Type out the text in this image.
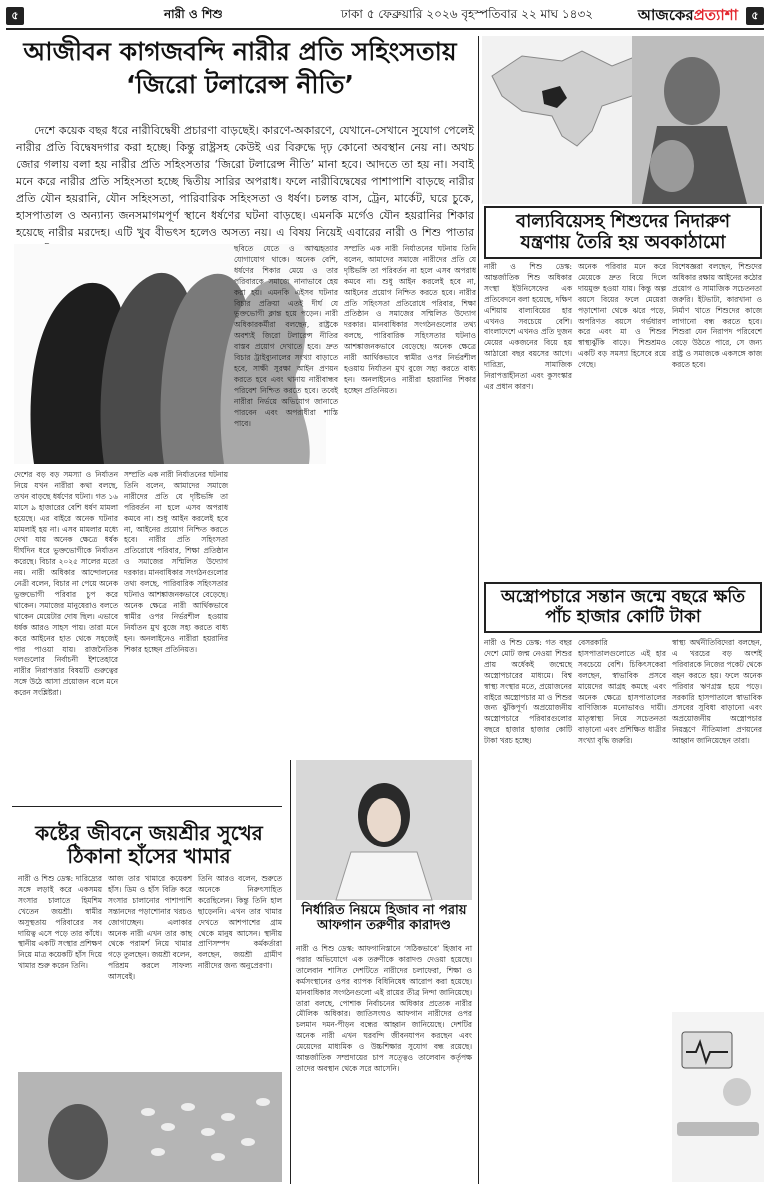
৫	নারী ও শিশু	ঢাকা ৫ ফেব্রুয়ারি ২০২৬ বৃহস্পতিবার ২২ মাঘ ১৪৩২	আজকেরপ্রত্যাশা	৫
আজীবন কাগজবন্দি নারীর প্রতি সহিংসতায়
‘জিরো টলারেন্স নীতি’
দেশে কয়েক বছর ধরে নারীবিদ্বেষী প্রচারণা বাড়ছেই। কারণে-অকারণে, যেখানে-সেখানে সুযোগ পেলেই নারীর প্রতি বিদ্বেষদগার করা হচ্ছে। কিন্তু রাষ্ট্রসহ কেউই এর বিরুদ্ধে দৃঢ় কোনো অবস্থান নেয় না। অথচ জোর গলায় বলা হয় নারীর প্রতি সহিংসতার ‘জিরো টলারেন্স নীতি’ মানা হবে। আদতে তা হয় না। সবাই মনে করে নারীর প্রতি সহিংসতা হচ্ছে দ্বিতীয় সারির অপরাধ। ফলে নারীবিদ্বেষের পাশাপাশি বাড়ছে নারীর প্রতি যৌন হয়রানি, যৌন সহিংসতা, পারিবারিক সহিংসতা ও ধর্ষণ। চলন্ত বাস, ট্রেন, মার্কেট, ঘরে চুকে, হাসপাতাল ও অন্যান্য জনসমাগমপূর্ণ স্থানে ধর্ষণের ঘটনা বাড়ছে। এমনকি মর্গেও যৌন হয়রানির শিকার হয়েছে নারীর মরদেহ। এটি খুব বীভৎস হলেও অসত্য নয়। এ বিষয় নিয়েই এবারের নারী ও শিশু পাতার
বাল্যবিয়েসহ শিশুদের নিদারুণ
যন্ত্রণায় তৈরি হয় অবকাঠামো
দেশের বড় বড় সমস্যা ও নির্যাতন নিয়ে যখন নারীরা কথা বলছে, তখন বাড়ছে ধর্ষণের ঘটনা। গত ১৬ মাসে ৯ হাজারের বেশি ধর্ষণ মামলা হয়েছে। এর বাইরে অনেক ঘটনার মামলাই হয় না। এসব মামলার মধ্যে দেখা যায় অনেক ক্ষেত্রে ধর্ষক দীর্ঘদিন ধরে ভুক্তভোগীকে নির্যাতন করেছে। বিচার ২০২৫ সালের মতো নয়। নারী অধিকার আন্দোলনের নেত্রী বলেন, বিচার না পেয়ে অনেক ভুক্তভোগী পরিবার চুপ করে থাকেন। সমাজের মানুষেরাও বলতে থাকেন মেয়েটার দোষ ছিল। এভাবে ধর্ষক আরও সাহস পায়। তারা মনে করে আইনের হাত থেকে সহজেই পার পাওয়া যায়। রাজনৈতিক দলগুলোর নির্বাচনী ইশতেহারে নারীর নিরাপত্তার বিষয়টি গুরুত্বের সঙ্গে উঠে আসা প্রয়োজন বলে মনে করেন সংশ্লিষ্টরা।
সম্প্রতি এক নারী নির্যাতনের ঘটনায় তিনি বলেন, আমাদের সমাজে নারীদের প্রতি যে দৃষ্টিভঙ্গি তা পরিবর্তন না হলে এসব অপরাধ কমবে না। শুধু আইন করলেই হবে না, আইনের প্রয়োগ নিশ্চিত করতে হবে। নারীর প্রতি সহিংসতা প্রতিরোধে পরিবার, শিক্ষা প্রতিষ্ঠান ও সমাজের সম্মিলিত উদ্যোগ দরকার। মানবাধিকার সংগঠনগুলোর তথ্য বলছে, পারিবারিক সহিংসতার ঘটনাও আশঙ্কাজনকভাবে বেড়েছে। অনেক ক্ষেত্রে নারী আর্থিকভাবে স্বামীর ওপর নির্ভরশীল হওয়ায় নির্যাতন মুখ বুজে সহ্য করতে বাধ্য হন। অনলাইনেও নারীরা হয়রানির শিকার হচ্ছেন প্রতিনিয়ত।
ছবিতে যেতে ও আত্মহত্যার যোগাযোগ থাকে। অনেক বেশি, ধর্ষণের শিকার মেয়ে ও তার পরিবারকে সমাজে নানাভাবে হেয় করা হয়। এমনকি এইসব ঘটনার বিচার প্রক্রিয়া এতই দীর্ঘ যে ভুক্তভোগী ক্লান্ত হয়ে পড়েন। নারী অধিকারকর্মীরা বলছেন, রাষ্ট্রকে অবশ্যই জিরো টলারেন্স নীতির বাস্তব প্রয়োগ দেখাতে হবে। দ্রুত বিচার ট্রাইব্যুনালের সংখ্যা বাড়াতে হবে, সাক্ষী সুরক্ষা আইন প্রণয়ন করতে হবে এবং থানায় নারীবান্ধব পরিবেশ নিশ্চিত করতে হবে। তবেই নারীরা নির্ভয়ে অভিযোগ জানাতে পারবেন এবং অপরাধীরা শাস্তি পাবে।
সম্প্রতি এক নারী নির্যাতনের ঘটনায় তিনি বলেন, আমাদের সমাজে নারীদের প্রতি যে দৃষ্টিভঙ্গি তা পরিবর্তন না হলে এসব অপরাধ কমবে না। শুধু আইন করলেই হবে না, আইনের প্রয়োগ নিশ্চিত করতে হবে। নারীর প্রতি সহিংসতা প্রতিরোধে পরিবার, শিক্ষা প্রতিষ্ঠান ও সমাজের সম্মিলিত উদ্যোগ দরকার। মানবাধিকার সংগঠনগুলোর তথ্য বলছে, পারিবারিক সহিংসতার ঘটনাও আশঙ্কাজনকভাবে বেড়েছে। অনেক ক্ষেত্রে নারী আর্থিকভাবে স্বামীর ওপর নির্ভরশীল হওয়ায় নির্যাতন মুখ বুজে সহ্য করতে বাধ্য হন। অনলাইনেও নারীরা হয়রানির শিকার হচ্ছেন প্রতিনিয়ত।
নারী ও শিশু ডেস্ক: আন্তর্জাতিক শিশু অধিকার সংস্থা ইউনিসেফের এক প্রতিবেদনে বলা হয়েছে, দক্ষিণ এশিয়ায় বাল্যবিয়ের হার এখনও সবচেয়ে বেশি। বাংলাদেশে এখনও প্রতি দুজন মেয়ের একজনের বিয়ে হয় আঠারো বছর বয়সের আগে। দারিদ্র্য, সামাজিক নিরাপত্তাহীনতা এবং কুসংস্কার এর প্রধান কারণ।
অনেক পরিবার মনে করে মেয়েকে দ্রুত বিয়ে দিলে দায়মুক্ত হওয়া যায়। কিন্তু অল্প বয়সে বিয়ের ফলে মেয়েরা পড়াশোনা থেকে ঝরে পড়ে, অপরিণত বয়সে গর্ভধারণ করে এবং মা ও শিশুর স্বাস্থ্যঝুঁকি বাড়ে। শিশুশ্রমও একটি বড় সমস্যা হিসেবে রয়ে গেছে।
বিশেষজ্ঞরা বলছেন, শিশুদের অধিকার রক্ষায় আইনের কঠোর প্রয়োগ ও সামাজিক সচেতনতা জরুরি। ইটভাটা, কারখানা ও নির্মাণ খাতে শিশুদের কাজে লাগানো বন্ধ করতে হবে। শিশুরা যেন নিরাপদ পরিবেশে বেড়ে উঠতে পারে, সে জন্য রাষ্ট্র ও সমাজকে একসঙ্গে কাজ করতে হবে।
অস্ত্রোপচারে সন্তান জন্মে বছরে ক্ষতি
পাঁচ হাজার কোটি টাকা
নারী ও শিশু ডেস্ক: গত বছর দেশে মোট জন্ম নেওয়া শিশুর প্রায় অর্ধেকই জন্মেছে অস্ত্রোপচারের মাধ্যমে। বিশ্ব স্বাস্থ্য সংস্থার মতে, প্রয়োজনের বাইরে অস্ত্রোপচার মা ও শিশুর জন্য ঝুঁকিপূর্ণ। অপ্রয়োজনীয় অস্ত্রোপচারে পরিবারগুলোর বছরে হাজার হাজার কোটি টাকা খরচ হচ্ছে।
বেসরকারি হাসপাতালগুলোতে এই হার সবচেয়ে বেশি। চিকিৎসকেরা বলছেন, স্বাভাবিক প্রসবে মায়েদের আগ্রহ কমছে এবং অনেক ক্ষেত্রে হাসপাতালের বাণিজ্যিক মনোভাবও দায়ী। মাতৃস্বাস্থ্য নিয়ে সচেতনতা বাড়ানো এবং প্রশিক্ষিত ধাত্রীর সংখ্যা বৃদ্ধি জরুরি।
স্বাস্থ্য অর্থনীতিবিদেরা বলছেন, এ খরচের বড় অংশই পরিবারকে নিজের পকেট থেকে বহন করতে হয়। ফলে অনেক পরিবার ঋণগ্রস্ত হয়ে পড়ে। সরকারি হাসপাতালে স্বাভাবিক প্রসবের সুবিধা বাড়ানো এবং অপ্রয়োজনীয় অস্ত্রোপচার নিয়ন্ত্রণে নীতিমালা প্রণয়নের আহ্বান জানিয়েছেন তারা।
কষ্টের জীবনে জয়শ্রীর সুখের
ঠিকানা হাঁসের খামার
নারী ও শিশু ডেস্ক: দারিদ্র্যের সঙ্গে লড়াই করে একসময় সংসার চালাতে হিমশিম খেতেন জয়শ্রী। স্বামীর অসুস্থতায় পরিবারের সব দায়িত্ব এসে পড়ে তার কাঁধে। স্থানীয় একটি সংস্থার প্রশিক্ষণ নিয়ে মাত্র কয়েকটি হাঁস দিয়ে খামার শুরু করেন তিনি।
আজ তার খামারে কয়েকশ হাঁস। ডিম ও হাঁস বিক্রি করে সংসার চালানোর পাশাপাশি সন্তানদের পড়াশোনার খরচও জোগাচ্ছেন। এলাকার অনেক নারী এখন তার কাছ থেকে পরামর্শ নিয়ে খামার গড়ে তুলছেন। জয়শ্রী বলেন, পরিশ্রম করলে সাফল্য আসবেই।
তিনি আরও বলেন, শুরুতে অনেকে নিরুৎসাহিত করেছিলেন। কিন্তু তিনি হাল ছাড়েননি। এখন তার খামার দেখতে আশপাশের গ্রাম থেকে মানুষ আসেন। স্থানীয় প্রাণিসম্পদ কর্মকর্তারা বলছেন, জয়শ্রী গ্রামীণ নারীদের জন্য অনুপ্রেরণা।
নির্ধারিত নিয়মে হিজাব না পরায়
আফগান তরুণীর কারাদণ্ড
নারী ও শিশু ডেস্ক: আফগানিস্তানে ‘সঠিকভাবে’ হিজাব না পরার অভিযোগে এক তরুণীকে কারাদণ্ড দেওয়া হয়েছে। তালেবান শাসিত দেশটিতে নারীদের চলাফেরা, শিক্ষা ও কর্মসংস্থানের ওপর ব্যাপক বিধিনিষেধ আরোপ করা হয়েছে। মানবাধিকার সংগঠনগুলো এই রায়ের তীব্র নিন্দা জানিয়েছে। তারা বলছে, পোশাক নির্বাচনের অধিকার প্রত্যেক নারীর মৌলিক অধিকার। জাতিসংঘও আফগান নারীদের ওপর চলমান দমন-পীড়ন বন্ধের আহ্বান জানিয়েছে। দেশটির অনেক নারী এখন ঘরবন্দি জীবনযাপন করছেন এবং মেয়েদের মাধ্যমিক ও উচ্চশিক্ষার সুযোগ বন্ধ রয়েছে। আন্তর্জাতিক সম্প্রদায়ের চাপ সত্ত্বেও তালেবান কর্তৃপক্ষ তাদের অবস্থান থেকে সরে আসেনি।
